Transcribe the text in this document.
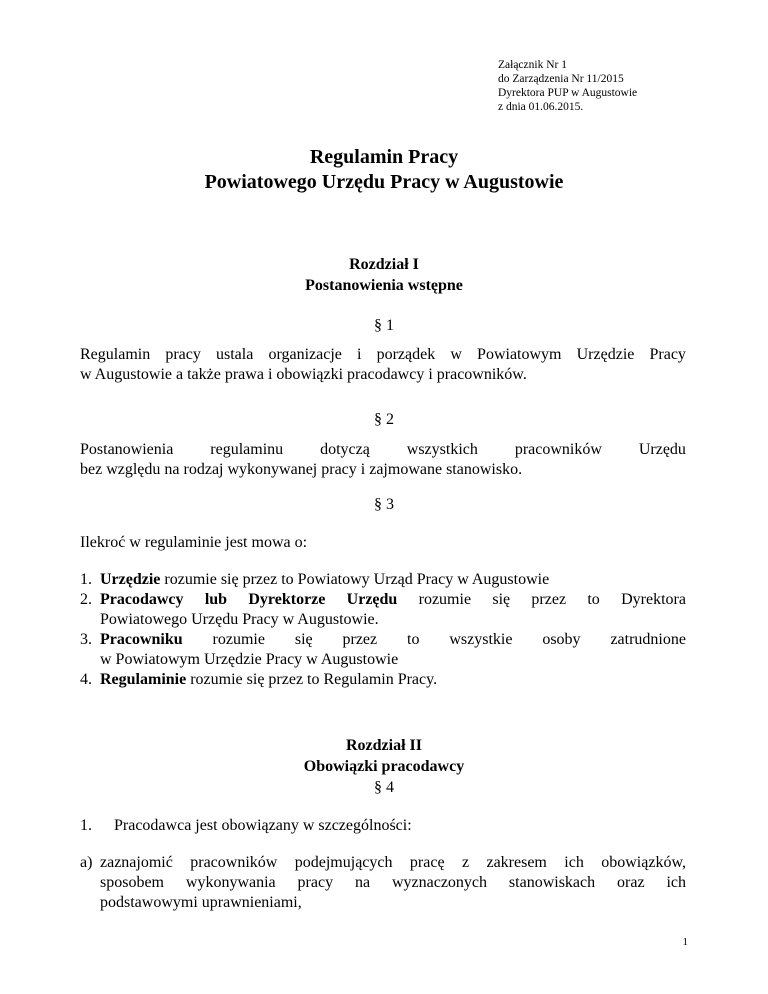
Załącznik Nr 1
do Zarządzenia Nr 11/2015
Dyrektora PUP w Augustowie
z dnia 01.06.2015.
Regulamin Pracy
Powiatowego Urzędu Pracy w Augustowie
Rozdział I
Postanowienia wstępne
§ 1
Regulamin pracy ustala organizacje i porządek w Powiatowym Urzędzie Pracy
w Augustowie a także prawa i obowiązki pracodawcy i pracowników.
§ 2
Postanowienia regulaminu dotyczą wszystkich pracowników Urzędu
bez względu na rodzaj wykonywanej pracy i zajmowane stanowisko.
§ 3
Ilekroć w regulaminie jest mowa o:
1. Urzędzie rozumie się przez to Powiatowy Urząd Pracy w Augustowie
2. Pracodawcy lub Dyrektorze Urzędu rozumie się przez to Dyrektora
Powiatowego Urzędu Pracy w Augustowie.
3. Pracowniku rozumie się przez to wszystkie osoby zatrudnione
w Powiatowym Urzędzie Pracy w Augustowie
4. Regulaminie rozumie się przez to Regulamin Pracy.
Rozdział II
Obowiązki pracodawcy
§ 4
1. Pracodawca jest obowiązany w szczególności:
a) zaznajomić pracowników podejmujących pracę z zakresem ich obowiązków,
sposobem wykonywania pracy na wyznaczonych stanowiskach oraz ich
podstawowymi uprawnieniami,
1
